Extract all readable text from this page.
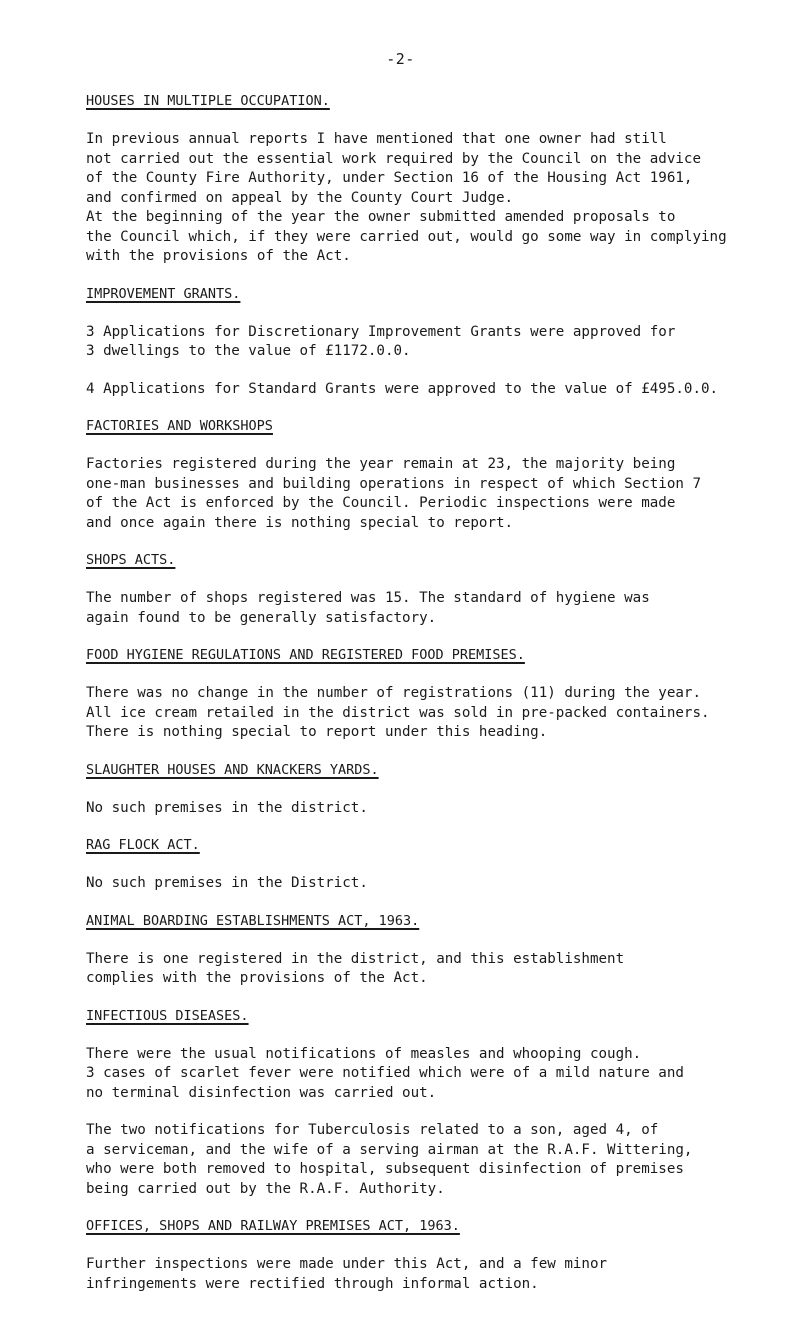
-2-
HOUSES IN MULTIPLE OCCUPATION.
In previous annual reports I have mentioned that one owner had still
not carried out the essential work required by the Council on the advice
of the County Fire Authority, under Section 16 of the Housing Act 1961,
and confirmed on appeal by the County Court Judge.
At the beginning of the year the owner submitted amended proposals to
the Council which, if they were carried out, would go some way in complying
with the provisions of the Act.
IMPROVEMENT GRANTS.
3 Applications for Discretionary Improvement Grants were approved for
3 dwellings to the value of £1172.0.0.
4 Applications for Standard Grants were approved to the value of £495.0.0.
FACTORIES AND WORKSHOPS
Factories registered during the year remain at 23, the majority being
one-man businesses and building operations in respect of which Section 7
of the Act is enforced by the Council. Periodic inspections were made
and once again there is nothing special to report.
SHOPS ACTS.
The number of shops registered was 15. The standard of hygiene was
again found to be generally satisfactory.
FOOD HYGIENE REGULATIONS AND REGISTERED FOOD PREMISES.
There was no change in the number of registrations (11) during the year.
All ice cream retailed in the district was sold in pre-packed containers.
There is nothing special to report under this heading.
SLAUGHTER HOUSES AND KNACKERS YARDS.
No such premises in the district.
RAG FLOCK ACT.
No such premises in the District.
ANIMAL BOARDING ESTABLISHMENTS ACT, 1963.
There is one registered in the district, and this establishment
complies with the provisions of the Act.
INFECTIOUS DISEASES.
There were the usual notifications of measles and whooping cough.
3 cases of scarlet fever were notified which were of a mild nature and
no terminal disinfection was carried out.
The two notifications for Tuberculosis related to a son, aged 4, of
a serviceman, and the wife of a serving airman at the R.A.F. Wittering,
who were both removed to hospital, subsequent disinfection of premises
being carried out by the R.A.F. Authority.
OFFICES, SHOPS AND RAILWAY PREMISES ACT, 1963.
Further inspections were made under this Act, and a few minor
infringements were rectified through informal action.
